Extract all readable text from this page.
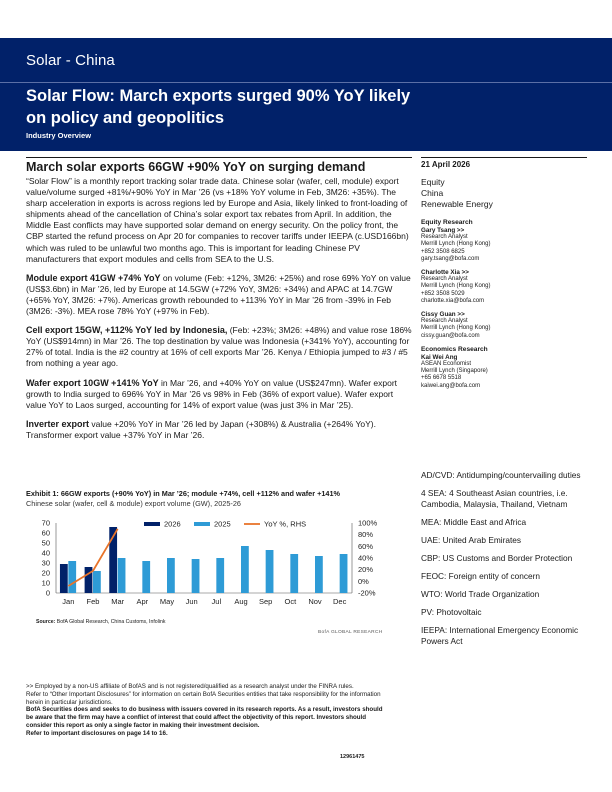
Solar - China
Solar Flow: March exports surged 90% YoY likely on policy and geopolitics
Industry Overview
March solar exports 66GW +90% YoY on surging demand

“Solar Flow” is a monthly report tracking solar trade data. Chinese solar (wafer, cell, module) export value/volume surged +81%/+90% YoY in Mar ’26 (vs +18% YoY volume in Feb, 3M26: +35%). The sharp acceleration in exports is across regions led by Europe and Asia, likely linked to front-loading of shipments ahead of the cancellation of China’s solar export tax rebates from April. In addition, the Middle East conflicts may have supported solar demand on energy security. On the policy front, the CBP started the refund process on Apr 20 for companies to recover tariffs under IEEPA (c.USD166bn) which was ruled to be unlawful two months ago. This is important for leading Chinese PV manufacturers that export modules and cells from SEA to the U.S.

Module export 41GW +74% YoY on volume (Feb: +12%, 3M26: +25%) and rose 69% YoY on value (US$3.6bn) in Mar ’26, led by Europe at 14.5GW (+72% YoY, 3M26: +34%) and APAC at 14.7GW (+65% YoY, 3M26: +7%). Americas growth rebounded to +113% YoY in Mar ’26 from -39% in Feb (3M26: -3%). MEA rose 78% YoY (+97% in Feb).

Cell export 15GW, +112% YoY led by Indonesia, (Feb: +23%; 3M26: +48%) and value rose 186% YoY (US$914mn) in Mar ’26. The top destination by value was Indonesia (+341% YoY), accounting for 27% of total. India is the #2 country at 16% of cell exports Mar ’26. Kenya / Ethiopia jumped to #3 / #5 from nothing a year ago.

Wafer export 10GW +141% YoY in Mar ’26, and +40% YoY on value (US$247mn). Wafer export growth to India surged to 696% YoY in Mar ’26 vs 98% in Feb (36% of export value). Wafer export value YoY to Laos surged, accounting for 14% of export value (was just 3% in Mar ’25).

Inverter export value +20% YoY in Mar ’26 led by Japan (+308%) & Australia (+264% YoY). Transformer export value +37% YoY in Mar ’26.

Exhibit 1: 66GW exports (+90% YoY) in Mar ’26; module +74%, cell +112% and wafer +141%
Chinese solar (wafer, cell & module) export volume (GW), 2025-26
0
10
20
30
40
50
60
70
-20%
0%
20%
40%
60%
80%
100%
Jan Feb Mar Apr May Jun Jul Aug Sep Oct Nov Dec
2026	2025	YoY %, RHS
Source: BofA Global Research, China Customs, Infolink
BofA GLOBAL RESEARCH
21 April 2026
Equity
China
Renewable Energy
Equity Research
Gary Tsang >>
Research Analyst
Merrill Lynch (Hong Kong)
+852 3508 6825
gary.tsang@bofa.com
Charlotte Xia >>
Research Analyst
Merrill Lynch (Hong Kong)
+852 3508 5029
charlotte.xia@bofa.com
Cissy Guan >>
Research Analyst
Merrill Lynch (Hong Kong)
cissy.guan@bofa.com
Economics Research
Kai Wei Ang
ASEAN Economist
Merrill Lynch (Singapore)
+65 6678 5518
kaiwei.ang@bofa.com
AD/CVD: Antidumping/countervailing duties
4 SEA: 4 Southeast Asian countries, i.e. Cambodia, Malaysia, Thailand, Vietnam
MEA: Middle East and Africa
UAE: United Arab Emirates
CBP: US Customs and Border Protection
FEOC: Foreign entity of concern
WTO: World Trade Organization
PV: Photovoltaic
IEEPA: International Emergency Economic Powers Act
>> Employed by a non-US affiliate of BofAS and is not registered/qualified as a research analyst under the FINRA rules.
Refer to “Other Important Disclosures” for information on certain BofA Securities entities that take responsibility for the information herein in particular jurisdictions.
BofA Securities does and seeks to do business with issuers covered in its research reports. As a result, investors should be aware that the firm may have a conflict of interest that could affect the objectivity of this report. Investors should consider this report as only a single factor in making their investment decision.
Refer to important disclosures on page 14 to 16.
12961475
